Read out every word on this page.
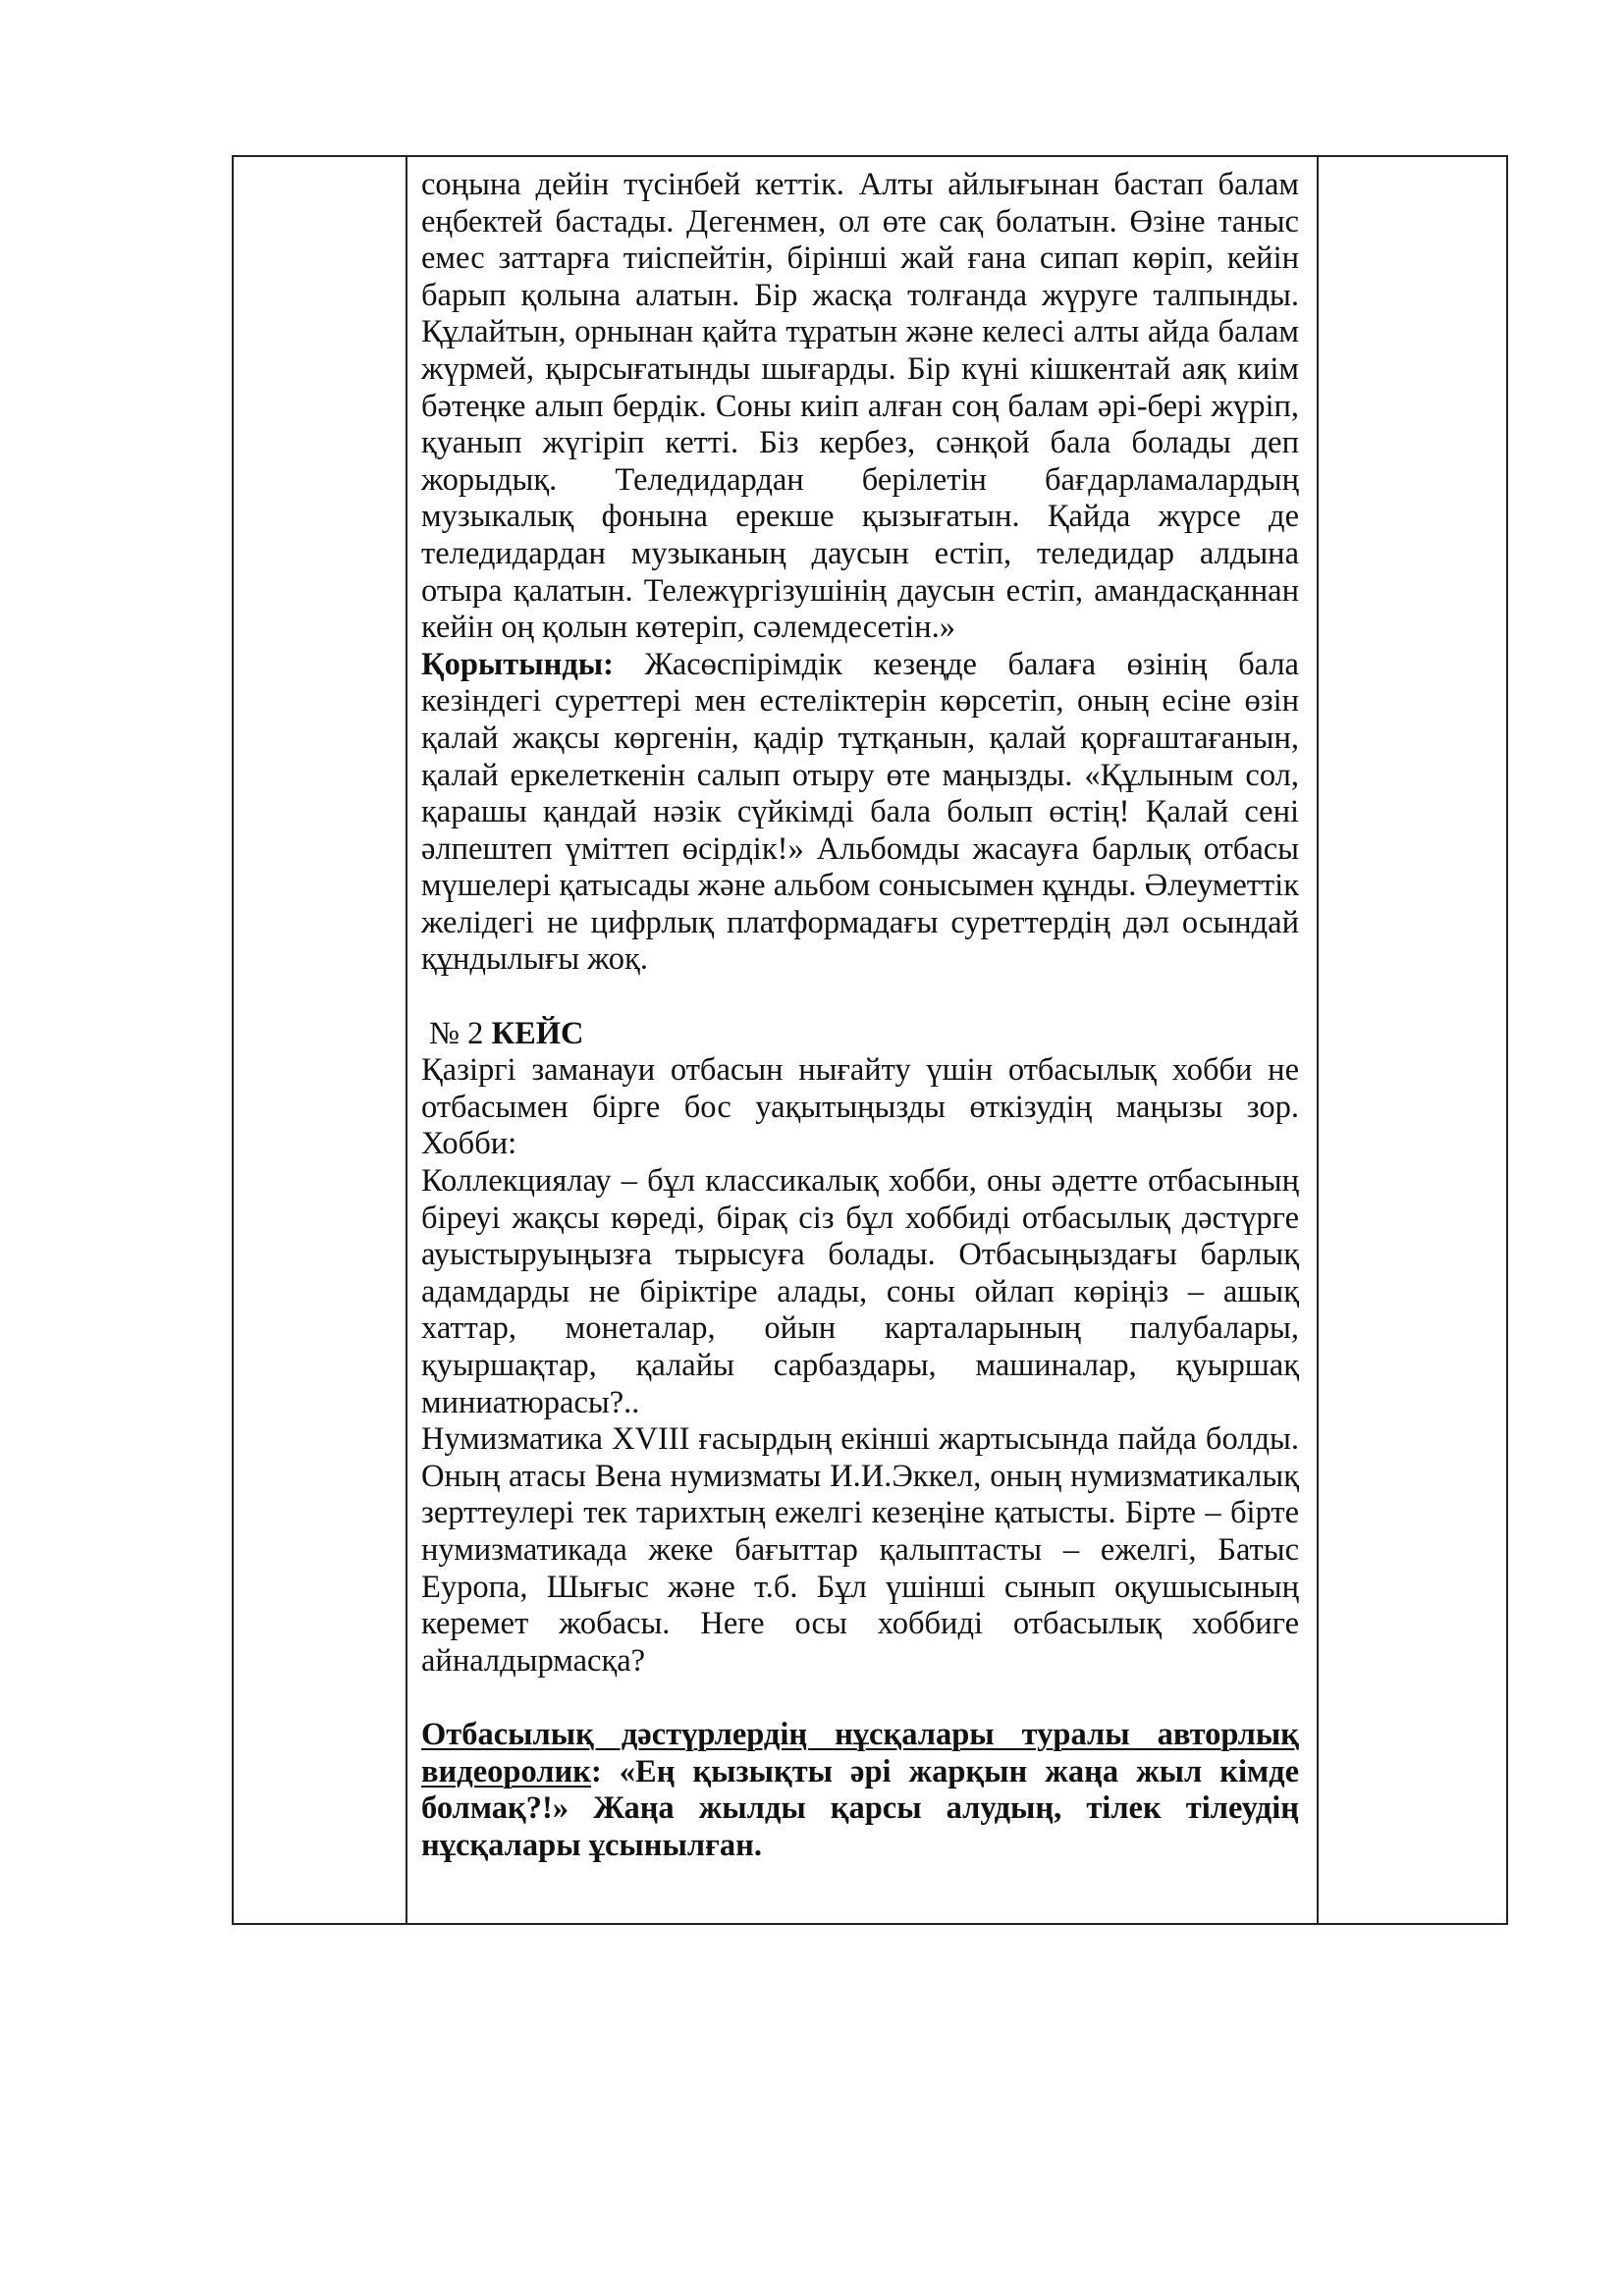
соңына дейін түсінбей кеттік. Алты айлығынан бастап балам еңбектей бастады. Дегенмен, ол өте сақ болатын. Өзіне таныс емес заттарға тиіспейтін, бірінші жай ғана сипап көріп, кейін барып қолына алатын. Бір жасқа толғанда жүруге талпынды. Құлайтын, орнынан қайта тұратын және келесі алты айда балам жүрмей, қырсығатынды шығарды. Бір күні кішкентай аяқ киім бәтеңке алып бердік. Соны киіп алған соң балам әрі-бері жүріп, қуанып жүгіріп кетті. Біз кербез, сәнқой бала болады деп жорыдық. Теледидардан берілетін бағдарламалардың музыкалық фонына ерекше қызығатын. Қайда жүрсе де теледидардан музыканың даусын естіп, теледидар алдына отыра қалатын. Тележүргізушінің даусын естіп, амандасқаннан кейін оң қолын көтеріп, сәлемдесетін.»

Қорытынды: Жасөспірімдік кезеңде балаға өзінің бала кезіндегі суреттері мен естеліктерін көрсетіп, оның есіне өзін қалай жақсы көргенін, қадір тұтқанын, қалай қорғаштағанын, қалай еркелеткенін салып отыру өте маңызды. «Құлыным сол, қарашы қандай нәзік сүйкімді бала болып өстің! Қалай сені әлпештеп үміттеп өсірдік!» Альбомды жасауға барлық отбасы мүшелері қатысады және альбом сонысымен құнды. Әлеуметтік желідегі не цифрлық платформадағы суреттердің дәл осындай құндылығы жоқ.

№ 2 КЕЙС

Қазіргі заманауи отбасын нығайту үшін отбасылық хобби не отбасымен бірге бос уақытыңызды өткізудің маңызы зор. Хобби:

Коллекциялау – бұл классикалық хобби, оны әдетте отбасының біреуі жақсы көреді, бірақ сіз бұл хоббиді отбасылық дәстүрге ауыстыруыңызға тырысуға болады. Отбасыңыздағы барлық адамдарды не біріктіре алады, соны ойлап көріңіз – ашық хаттар, монеталар, ойын карталарының палубалары, қуыршақтар, қалайы сарбаздары, машиналар, қуыршақ миниатюрасы?..

Нумизматика XVIII ғасырдың екінші жартысында пайда болды. Оның атасы Вена нумизматы И.И.Эккел, оның нумизматикалық зерттеулері тек тарихтың ежелгі кезеңіне қатысты. Бірте – бірте нумизматикада жеке бағыттар қалыптасты – ежелгі, Батыс Еуропа, Шығыс және т.б. Бұл үшінші сынып оқушысының керемет жобасы. Неге осы хоббиді отбасылық хоббиге айналдырмасқа?

Отбасылық дәстүрлердің нұсқалары туралы авторлық видеоролик: «Ең қызықты әрі жарқын жаңа жыл кімде болмақ?!» Жаңа жылды қарсы алудың, тілек тілеудің нұсқалары ұсынылған.
